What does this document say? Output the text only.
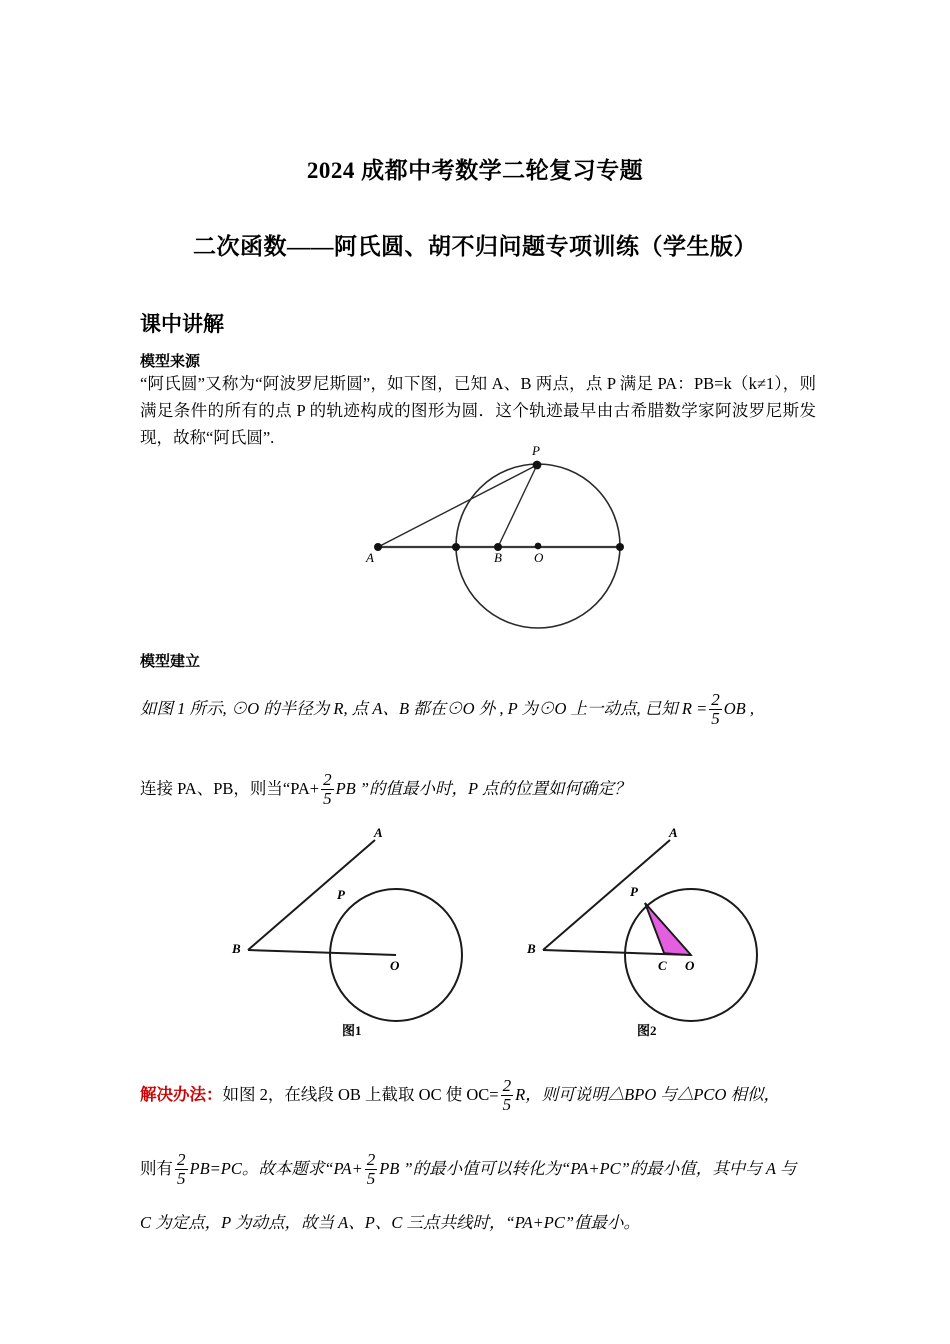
2024 成都中考数学二轮复习专题
二次函数——阿氏圆、胡不归问题专项训练（学生版）
课中讲解
模型来源
“阿氏圆”又称为“阿波罗尼斯圆”，如下图，已知 A、B 两点，点 P 满足 PA：PB=k（k≠1），则满足条件的所有的点 P 的轨迹构成的图形为圆．这个轨迹最早由古希腊数学家阿波罗尼斯发现，故称“阿氏圆”.
A	B O
P
模型建立
如图 1 所示, ⊙O 的半径为 R, 点 A、B 都在⊙O 外 , P 为⊙O 上一动点, 已知 $R = \frac{2}{5}$ OB ,
连接 PA、PB，则当“$PA+ \frac{2}{5}$ PB ”的值最小时，P 点的位置如何确定？
B
O
P
A
图1
B
O
C
P
A
图2
解决办法：如图 2，在线段 OB 上截取 OC 使 $OC= \frac{2}{5}$ R，则可说明△BPO 与△PCO 相似，
则有 $\frac{2}{5} PB=PC$。故本题求“$PA+ \frac{2}{5}$ PB ”的最小值可以转化为“PA+PC”的最小值，其中与 A 与
C 为定点，P 为动点，故当 A、P、C 三点共线时，“PA+PC”值最小。
